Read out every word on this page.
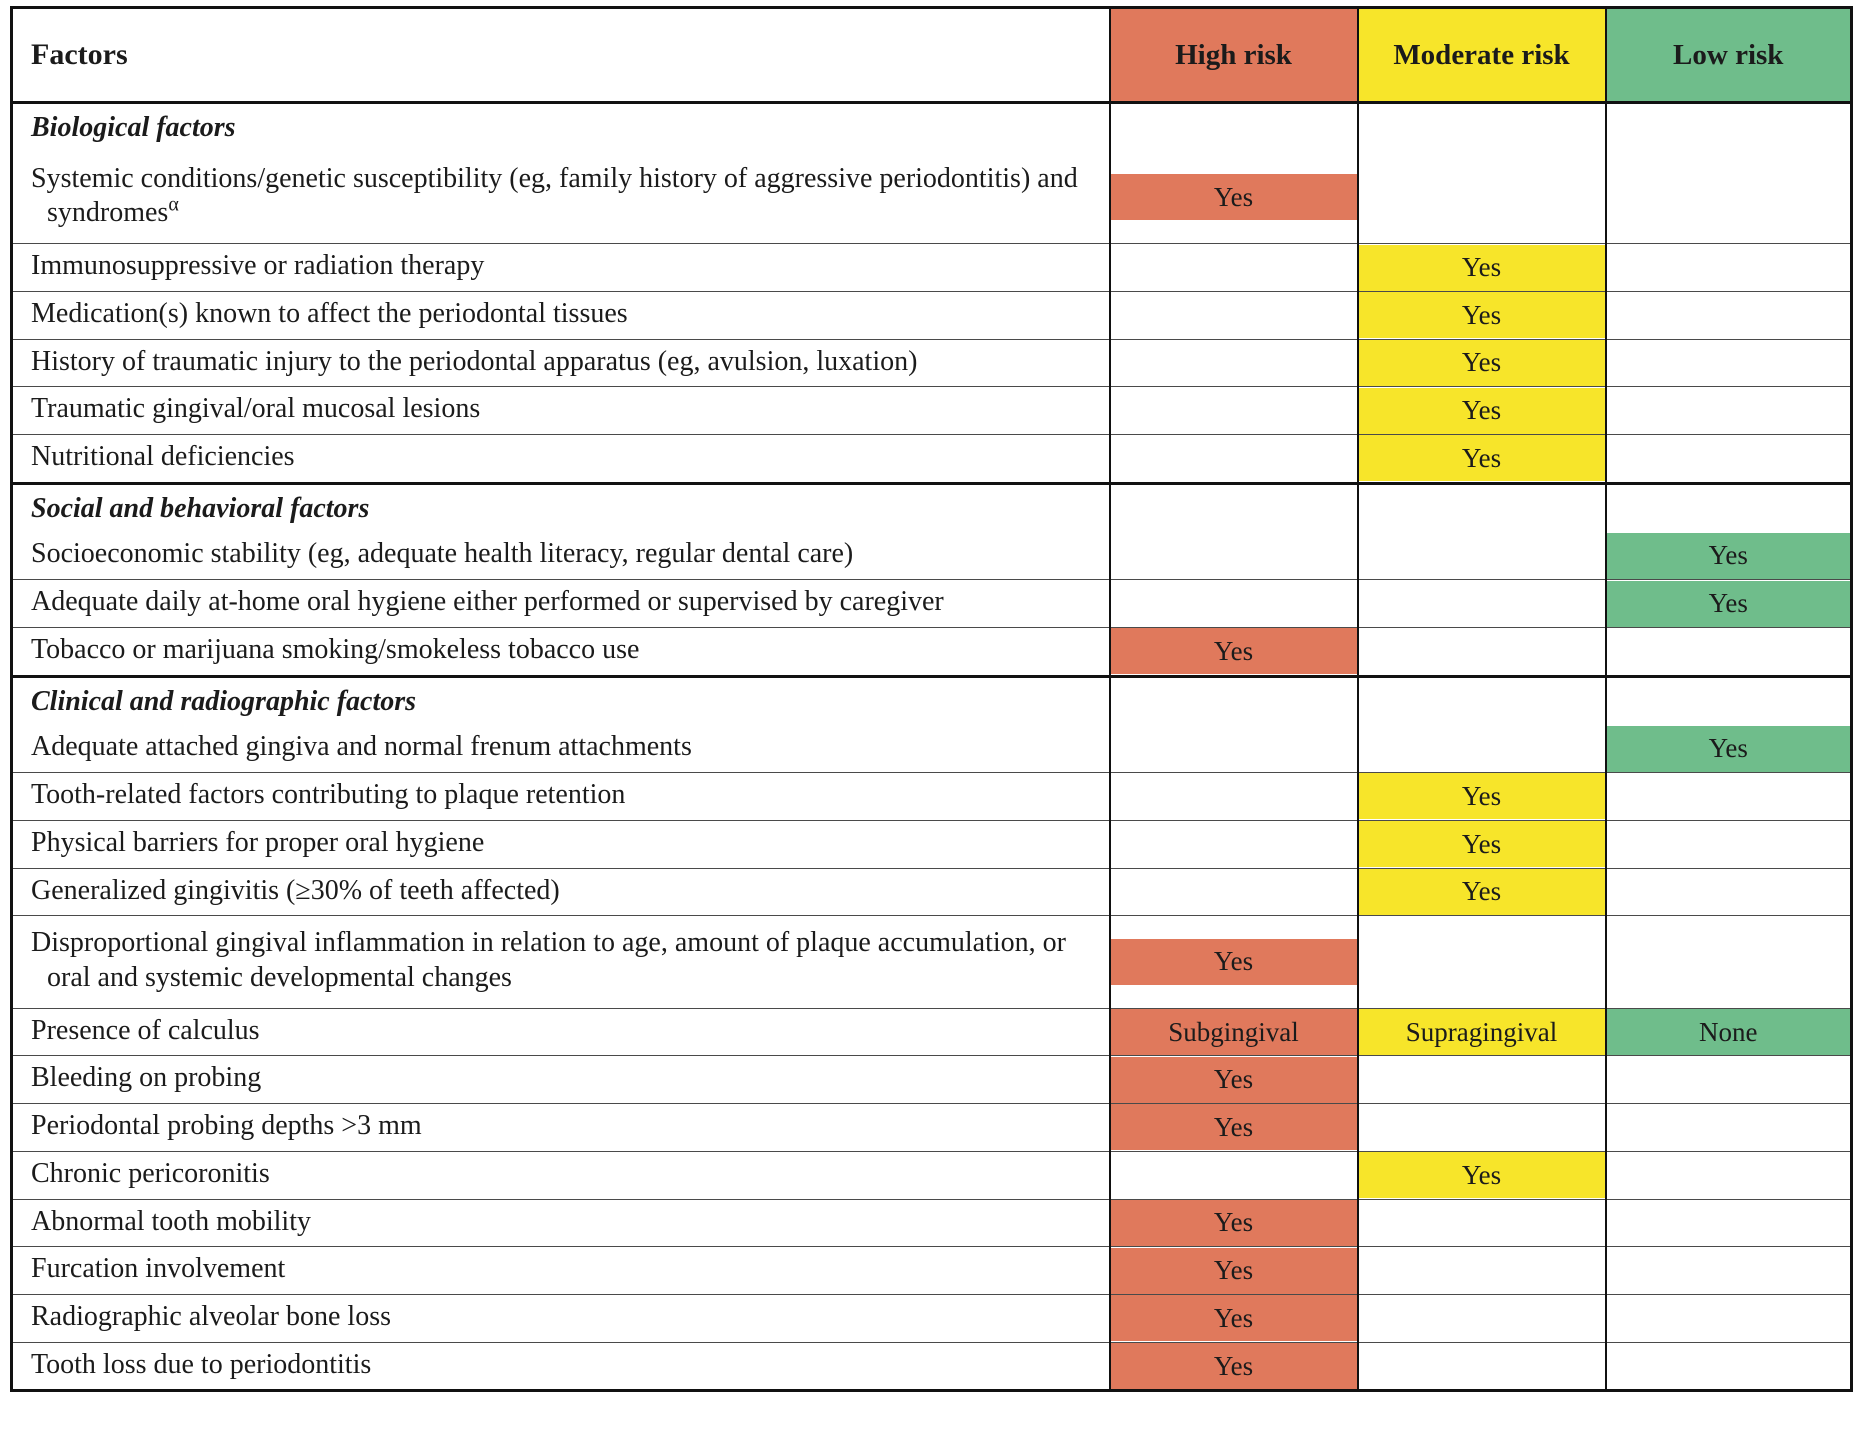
Factors	High risk	Moderate risk	Low risk
Biological factors	

Systemic conditions/genetic susceptibility (eg, family history of aggressive periodontitis) and syndromes$^\alpha$	Yes		

Immunosuppressive or radiation therapy		Yes	

Medication(s) known to affect the periodontal tissues		Yes	

History of traumatic injury to the periodontal apparatus (eg, avulsion, luxation)		Yes	

Traumatic gingival/oral mucosal lesions		Yes	

Nutritional deficiencies		Yes	

Social and behavioral factors	

Socioeconomic stability (eg, adequate health literacy, regular dental care)			Yes

Adequate daily at-home oral hygiene either performed or supervised by caregiver			Yes

Tobacco or marijuana smoking/smokeless tobacco use	Yes		

Clinical and radiographic factors	

Adequate attached gingiva and normal frenum attachments			Yes

Tooth-related factors contributing to plaque retention		Yes	

Physical barriers for proper oral hygiene		Yes	

Generalized gingivitis (≥30% of teeth affected)		Yes	

Disproportional gingival inflammation in relation to age, amount of plaque accumulation, or oral and systemic developmental changes	Yes		

Presence of calculus	Subgingival	Supragingival	None

Bleeding on probing	Yes		

Periodontal probing depths >3 mm	Yes		

Chronic pericoronitis		Yes	

Abnormal tooth mobility	Yes		

Furcation involvement	Yes		

Radiographic alveolar bone loss	Yes		

Tooth loss due to periodontitis	Yes		
